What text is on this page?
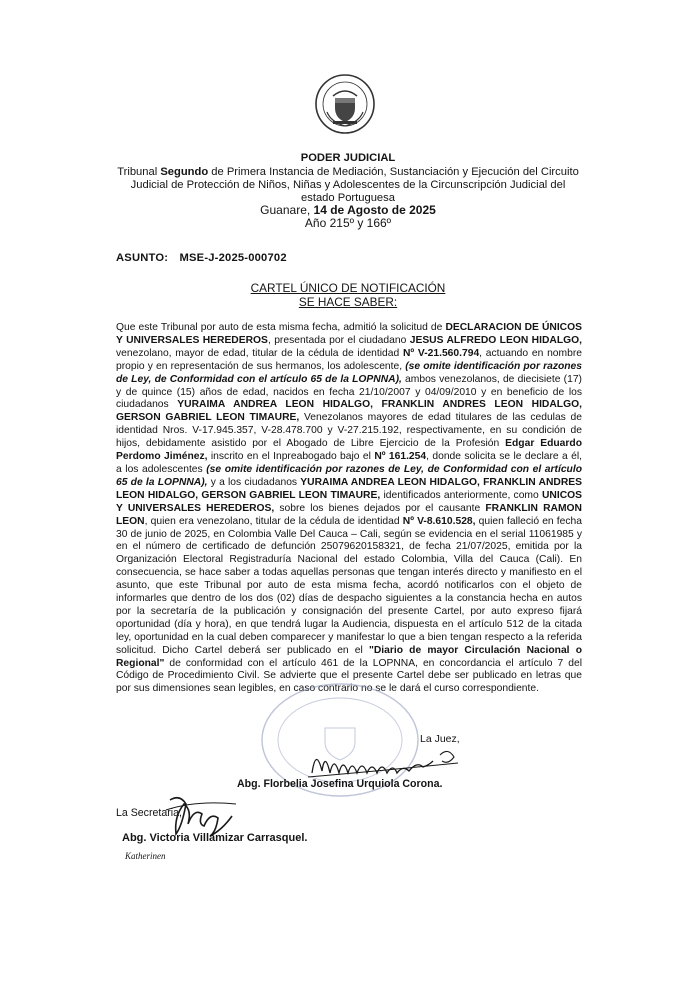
PODER JUDICIAL
Tribunal Segundo de Primera Instancia de Mediación, Sustanciación y Ejecución del Circuito
Judicial de Protección de Niños, Niñas y Adolescentes de la Circunscripción Judicial del
estado Portuguesa
Guanare, 14 de Agosto de 2025
Año 215º y 166º
ASUNTO: MSE-J-2025-000702
CARTEL ÚNICO DE NOTIFICACIÓN
SE HACE SABER:
Que este Tribunal por auto de esta misma fecha, admitió la solicitud de DECLARACION DE ÚNICOS Y UNIVERSALES HEREDEROS, presentada por el ciudadano JESUS ALFREDO LEON HIDALGO, venezolano, mayor de edad, titular de la cédula de identidad Nº V-21.560.794, actuando en nombre propio y en representación de sus hermanos, los adolescente, (se omite identificación por razones de Ley, de Conformidad con el artículo 65 de la LOPNNA), ambos venezolanos, de diecisiete (17) y de quince (15) años de edad, nacidos en fecha 21/10/2007 y 04/09/2010 y en beneficio de los ciudadanos YURAIMA ANDREA LEON HIDALGO, FRANKLIN ANDRES LEON HIDALGO, GERSON GABRIEL LEON TIMAURE, Venezolanos mayores de edad titulares de las cedulas de identidad Nros. V-17.945.357, V-28.478.700 y V-27.215.192, respectivamente, en su condición de hijos, debidamente asistido por el Abogado de Libre Ejercicio de la Profesión Edgar Eduardo Perdomo Jiménez, inscrito en el Inpreabogado bajo el Nº 161.254, donde solicita se le declare a él, a los adolescentes (se omite identificación por razones de Ley, de Conformidad con el artículo 65 de la LOPNNA), y a los ciudadanos YURAIMA ANDREA LEON HIDALGO, FRANKLIN ANDRES LEON HIDALGO, GERSON GABRIEL LEON TIMAURE, identificados anteriormente, como UNICOS Y UNIVERSALES HEREDEROS, sobre los bienes dejados por el causante FRANKLIN RAMON LEON, quien era venezolano, titular de la cédula de identidad Nº V-8.610.528, quien falleció en fecha 30 de junio de 2025, en Colombia Valle Del Cauca – Cali, según se evidencia en el serial 11061985 y en el número de certificado de defunción 25079620158321, de fecha 21/07/2025, emitida por la Organización Electoral Registraduría Nacional del estado Colombia, Villa del Cauca (Cali). En consecuencia, se hace saber a todas aquellas personas que tengan interés directo y manifiesto en el asunto, que este Tribunal por auto de esta misma fecha, acordó notificarlos con el objeto de informarles que dentro de los dos (02) días de despacho siguientes a la constancia hecha en autos por la secretaría de la publicación y consignación del presente Cartel, por auto expreso fijará oportunidad (día y hora), en que tendrá lugar la Audiencia, dispuesta en el artículo 512 de la citada ley, oportunidad en la cual deben comparecer y manifestar lo que a bien tengan respecto a la referida solicitud. Dicho Cartel deberá ser publicado en el "Diario de mayor Circulación Nacional o Regional" de conformidad con el artículo 461 de la LOPNNA, en concordancia el artículo 7 del Código de Procedimiento Civil. Se advierte que el presente Cartel debe ser publicado en letras que por sus dimensiones sean legibles, en caso contrario no se le dará el curso correspondiente.
La Juez,
Abg. Florbelia Josefina Urquiola Corona.
La Secretaria,
Abg. Victoria Villamizar Carrasquel.
Katherinen
